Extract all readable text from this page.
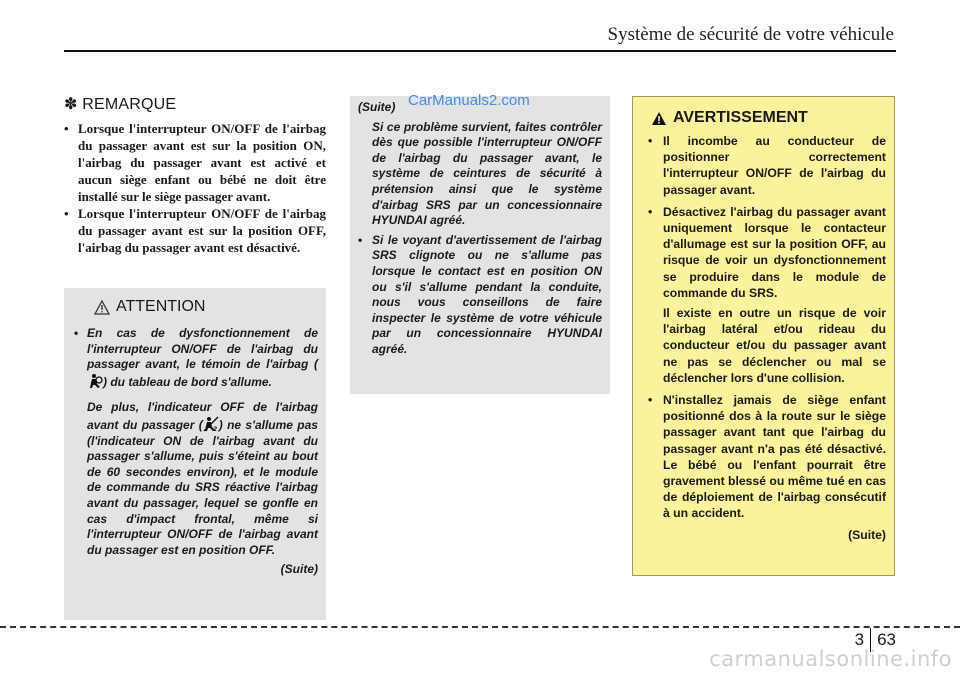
Système de sécurité de votre véhicule
✽ REMARQUE
• Lorsque l'interrupteur ON/OFF de l'airbag du passager avant est sur la position ON, l'airbag du passager avant est activé et aucun siège enfant ou bébé ne doit être installé sur le siège passager avant.
• Lorsque l'interrupteur ON/OFF de l'airbag du passager avant est sur la position OFF, l'airbag du passager avant est désactivé.
ATTENTION
• En cas de dysfonctionnement de l'interrupteur ON/OFF de l'airbag du passager avant, le témoin de l'airbag () du tableau de bord s'allume.
De plus, l'indicateur OFF de l'airbag avant du passager ( 2 ) ne s'allume pas (l'indicateur ON de l'airbag avant du passager s'allume, puis s'éteint au bout de 60 secondes environ), et le module de commande du SRS réactive l'airbag avant du passager, lequel se gonfle en cas d'impact frontal, même si l'interrupteur ON/OFF de l'airbag avant du passager est en position OFF.
(Suite)
(Suite)
Si ce problème survient, faites contrôler dès que possible l'interrupteur ON/OFF de l'airbag du passager avant, le système de ceintures de sécurité à prétension ainsi que le système d'airbag SRS par un concessionnaire HYUNDAI agréé.
• Si le voyant d'avertissement de l'airbag SRS clignote ou ne s'allume pas lorsque le contact est en position ON ou s'il s'allume pendant la conduite, nous vous conseillons de faire inspecter le système de votre véhicule par un concessionnaire HYUNDAI agréé.
CarManuals2.com
AVERTISSEMENT
• Il incombe au conducteur de positionner correctement l'interrupteur ON/OFF de l'airbag du passager avant.
• Désactivez l'airbag du passager avant uniquement lorsque le contacteur d'allumage est sur la position OFF, au risque de voir un dysfonctionnement se produire dans le module de commande du SRS.
Il existe en outre un risque de voir l'airbag latéral et/ou rideau du conducteur et/ou du passager avant ne pas se déclencher ou mal se déclencher lors d'une collision.
• N'installez jamais de siège enfant positionné dos à la route sur le siège passager avant tant que l'airbag du passager avant n'a pas été désactivé. Le bébé ou l'enfant pourrait être gravement blessé ou même tué en cas de déploiement de l'airbag consécutif à un accident.
(Suite)
3 63
carmanualsonline.info
